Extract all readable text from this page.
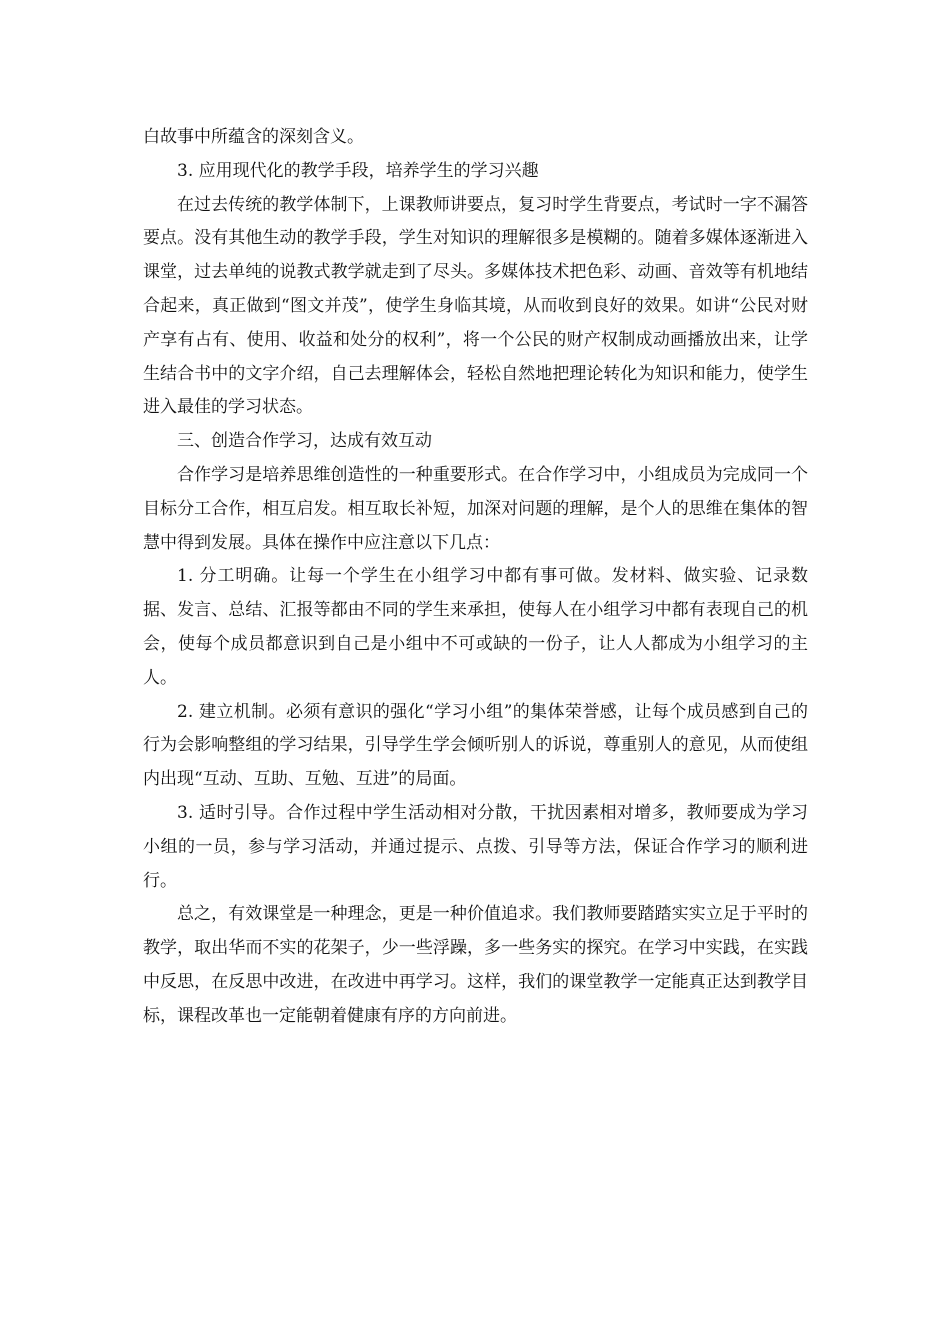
白故事中所蕴含的深刻含义。

3. 应用现代化的教学手段，培养学生的学习兴趣

在过去传统的教学体制下，上课教师讲要点，复习时学生背要点，考试时一字不漏答要点。没有其他生动的教学手段，学生对知识的理解很多是模糊的。随着多媒体逐渐进入课堂，过去单纯的说教式教学就走到了尽头。多媒体技术把色彩、动画、音效等有机地结合起来，真正做到“图文并茂”，使学生身临其境，从而收到良好的效果。如讲“公民对财产享有占有、使用、收益和处分的权利”，将一个公民的财产权制成动画播放出来，让学生结合书中的文字介绍，自己去理解体会，轻松自然地把理论转化为知识和能力，使学生进入最佳的学习状态。

三、创造合作学习，达成有效互动

合作学习是培养思维创造性的一种重要形式。在合作学习中，小组成员为完成同一个目标分工合作，相互启发。相互取长补短，加深对问题的理解，是个人的思维在集体的智慧中得到发展。具体在操作中应注意以下几点：

1. 分工明确。让每一个学生在小组学习中都有事可做。发材料、做实验、记录数据、发言、总结、汇报等都由不同的学生来承担，使每人在小组学习中都有表现自己的机会，使每个成员都意识到自己是小组中不可或缺的一份子，让人人都成为小组学习的主人。

2. 建立机制。必须有意识的强化“学习小组”的集体荣誉感，让每个成员感到自己的行为会影响整组的学习结果，引导学生学会倾听别人的诉说，尊重别人的意见，从而使组内出现“互动、互助、互勉、互进”的局面。

3. 适时引导。合作过程中学生活动相对分散，干扰因素相对增多，教师要成为学习小组的一员，参与学习活动，并通过提示、点拨、引导等方法，保证合作学习的顺利进行。

总之，有效课堂是一种理念，更是一种价值追求。我们教师要踏踏实实立足于平时的教学，取出华而不实的花架子，少一些浮躁，多一些务实的探究。在学习中实践，在实践中反思，在反思中改进，在改进中再学习。这样，我们的课堂教学一定能真正达到教学目标，课程改革也一定能朝着健康有序的方向前进。
